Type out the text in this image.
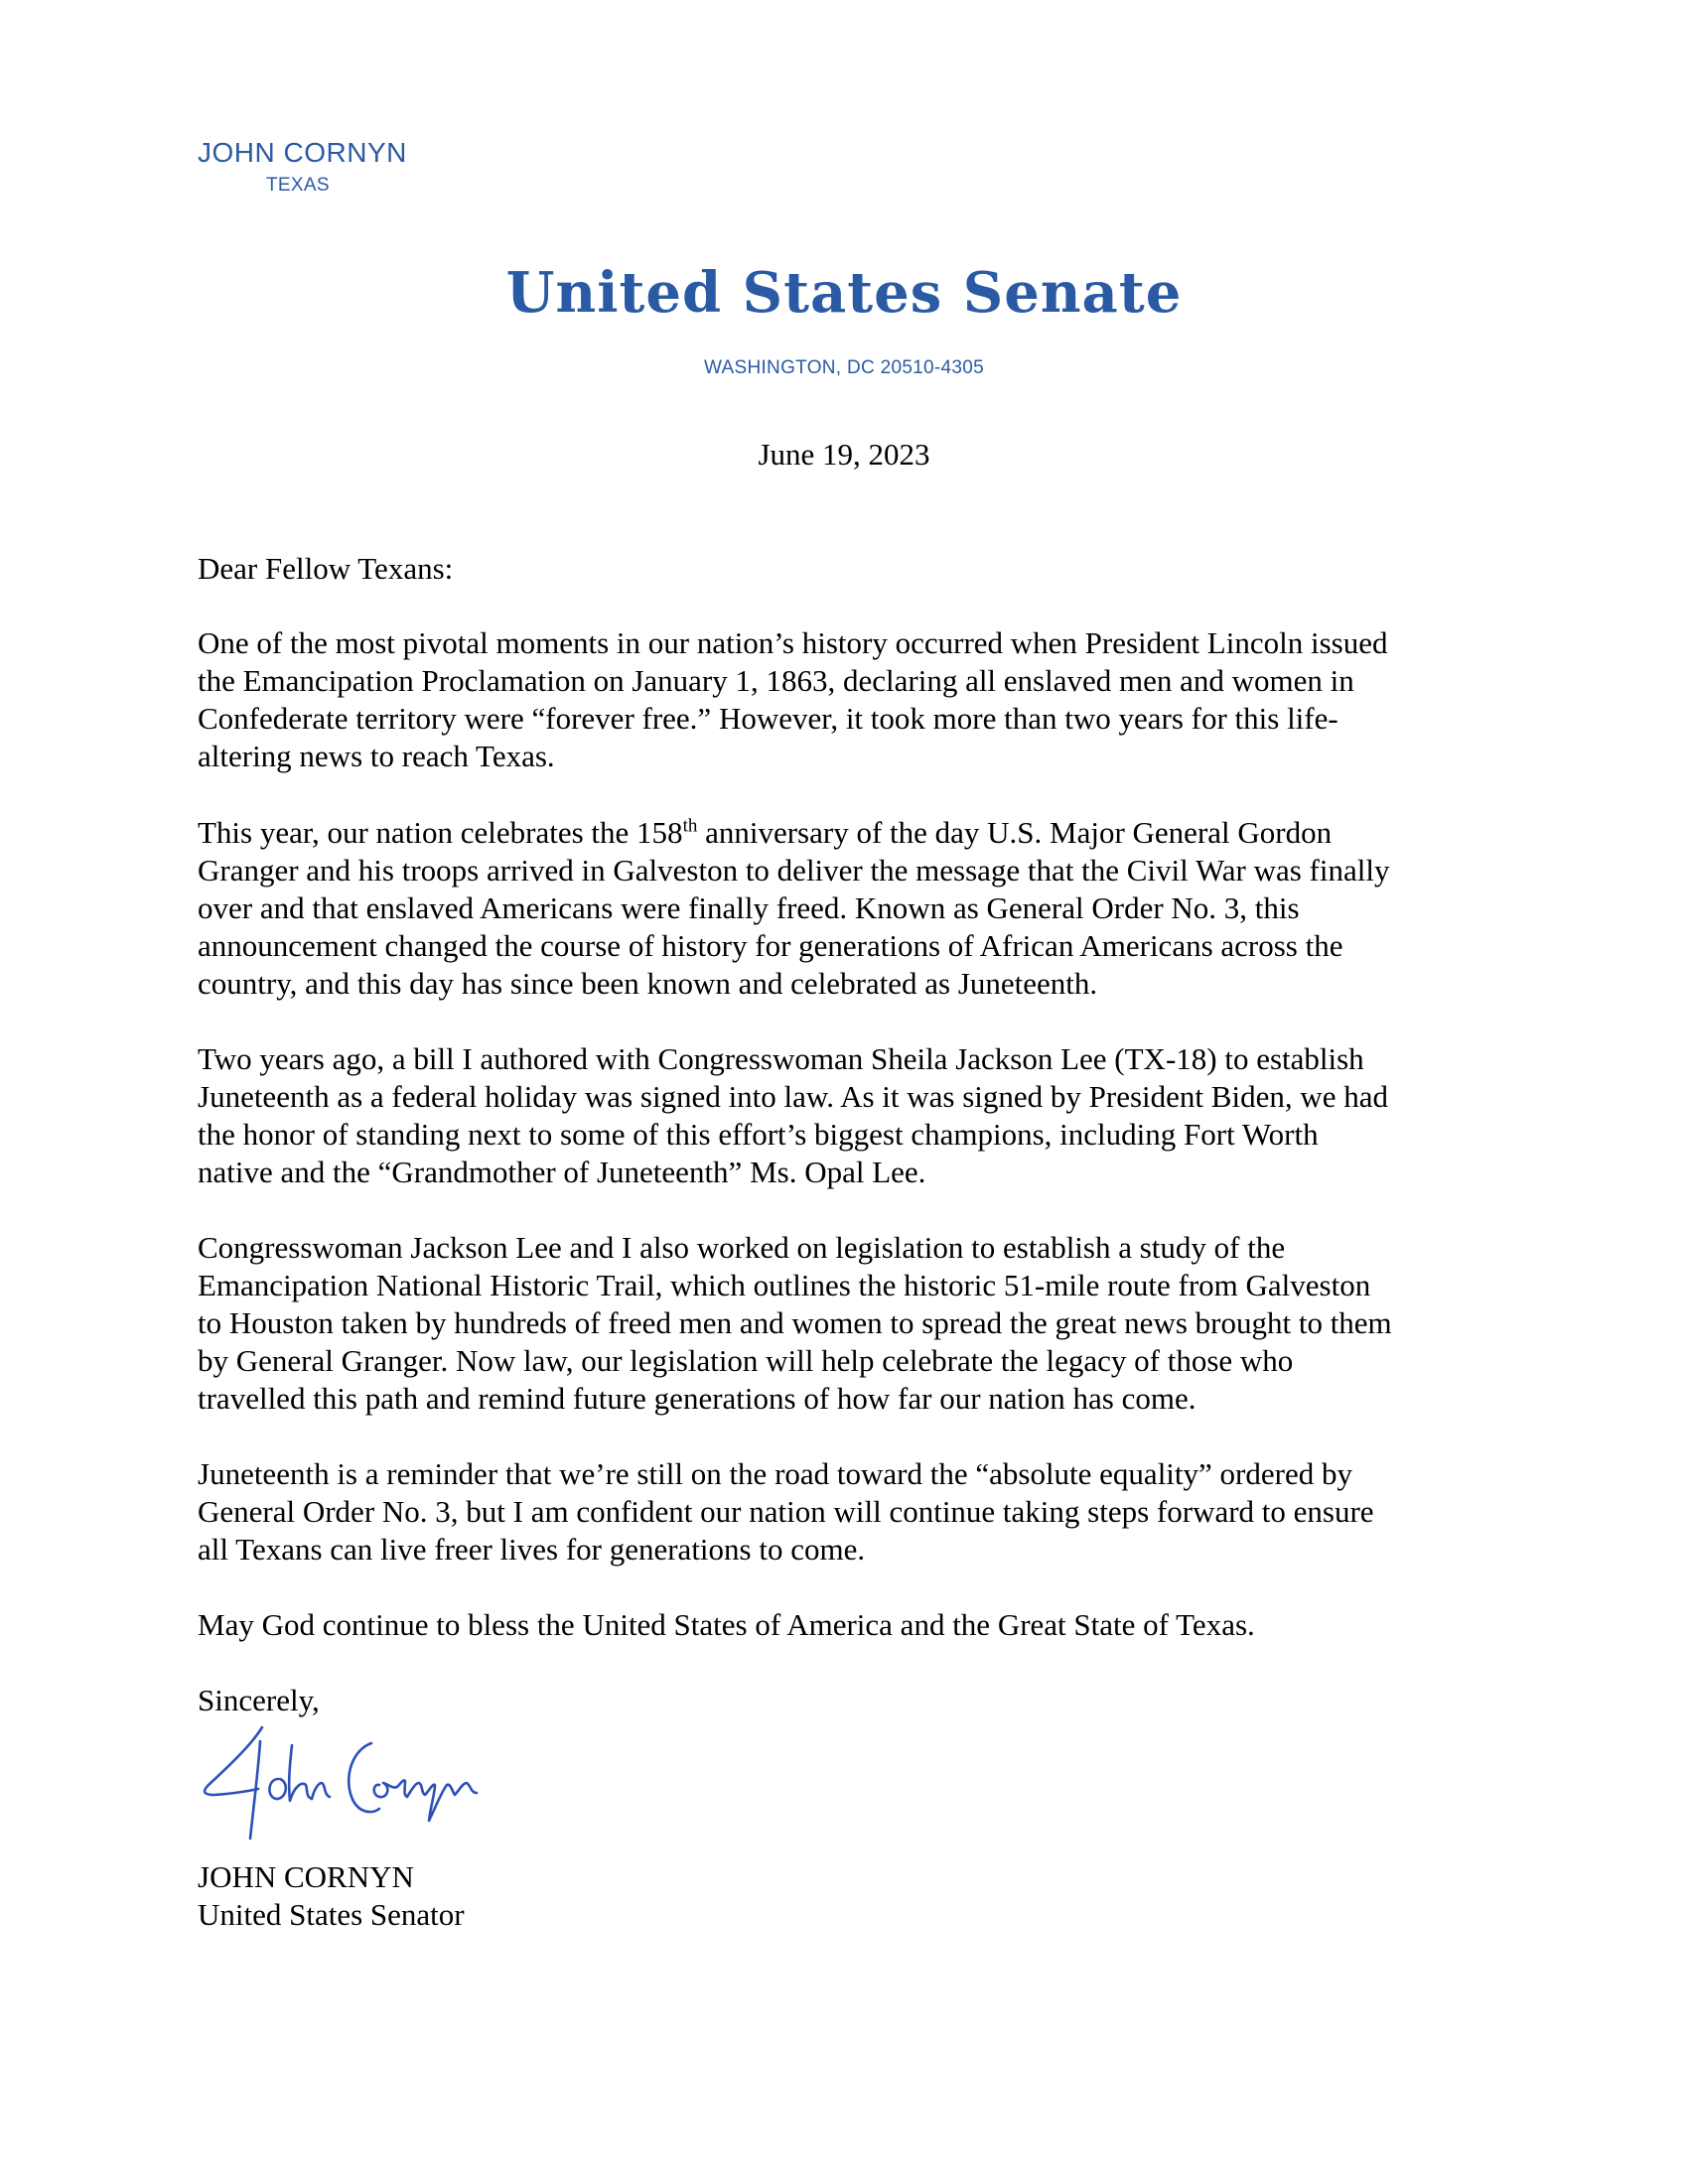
JOHN CORNYN
TEXAS
United States Senate
WASHINGTON, DC 20510-4305
June 19, 2023
Dear Fellow Texans:
One of the most pivotal moments in our nation’s history occurred when President Lincoln issued
the Emancipation Proclamation on January 1, 1863, declaring all enslaved men and women in
Confederate territory were “forever free.” However, it took more than two years for this life-
altering news to reach Texas.
This year, our nation celebrates the 158th anniversary of the day U.S. Major General Gordon
Granger and his troops arrived in Galveston to deliver the message that the Civil War was finally
over and that enslaved Americans were finally freed. Known as General Order No. 3, this
announcement changed the course of history for generations of African Americans across the
country, and this day has since been known and celebrated as Juneteenth.
Two years ago, a bill I authored with Congresswoman Sheila Jackson Lee (TX-18) to establish
Juneteenth as a federal holiday was signed into law. As it was signed by President Biden, we had
the honor of standing next to some of this effort’s biggest champions, including Fort Worth
native and the “Grandmother of Juneteenth” Ms. Opal Lee.
Congresswoman Jackson Lee and I also worked on legislation to establish a study of the
Emancipation National Historic Trail, which outlines the historic 51-mile route from Galveston
to Houston taken by hundreds of freed men and women to spread the great news brought to them
by General Granger. Now law, our legislation will help celebrate the legacy of those who
travelled this path and remind future generations of how far our nation has come.
Juneteenth is a reminder that we’re still on the road toward the “absolute equality” ordered by
General Order No. 3, but I am confident our nation will continue taking steps forward to ensure
all Texans can live freer lives for generations to come.
May God continue to bless the United States of America and the Great State of Texas.
Sincerely,
JOHN CORNYN
United States Senator
